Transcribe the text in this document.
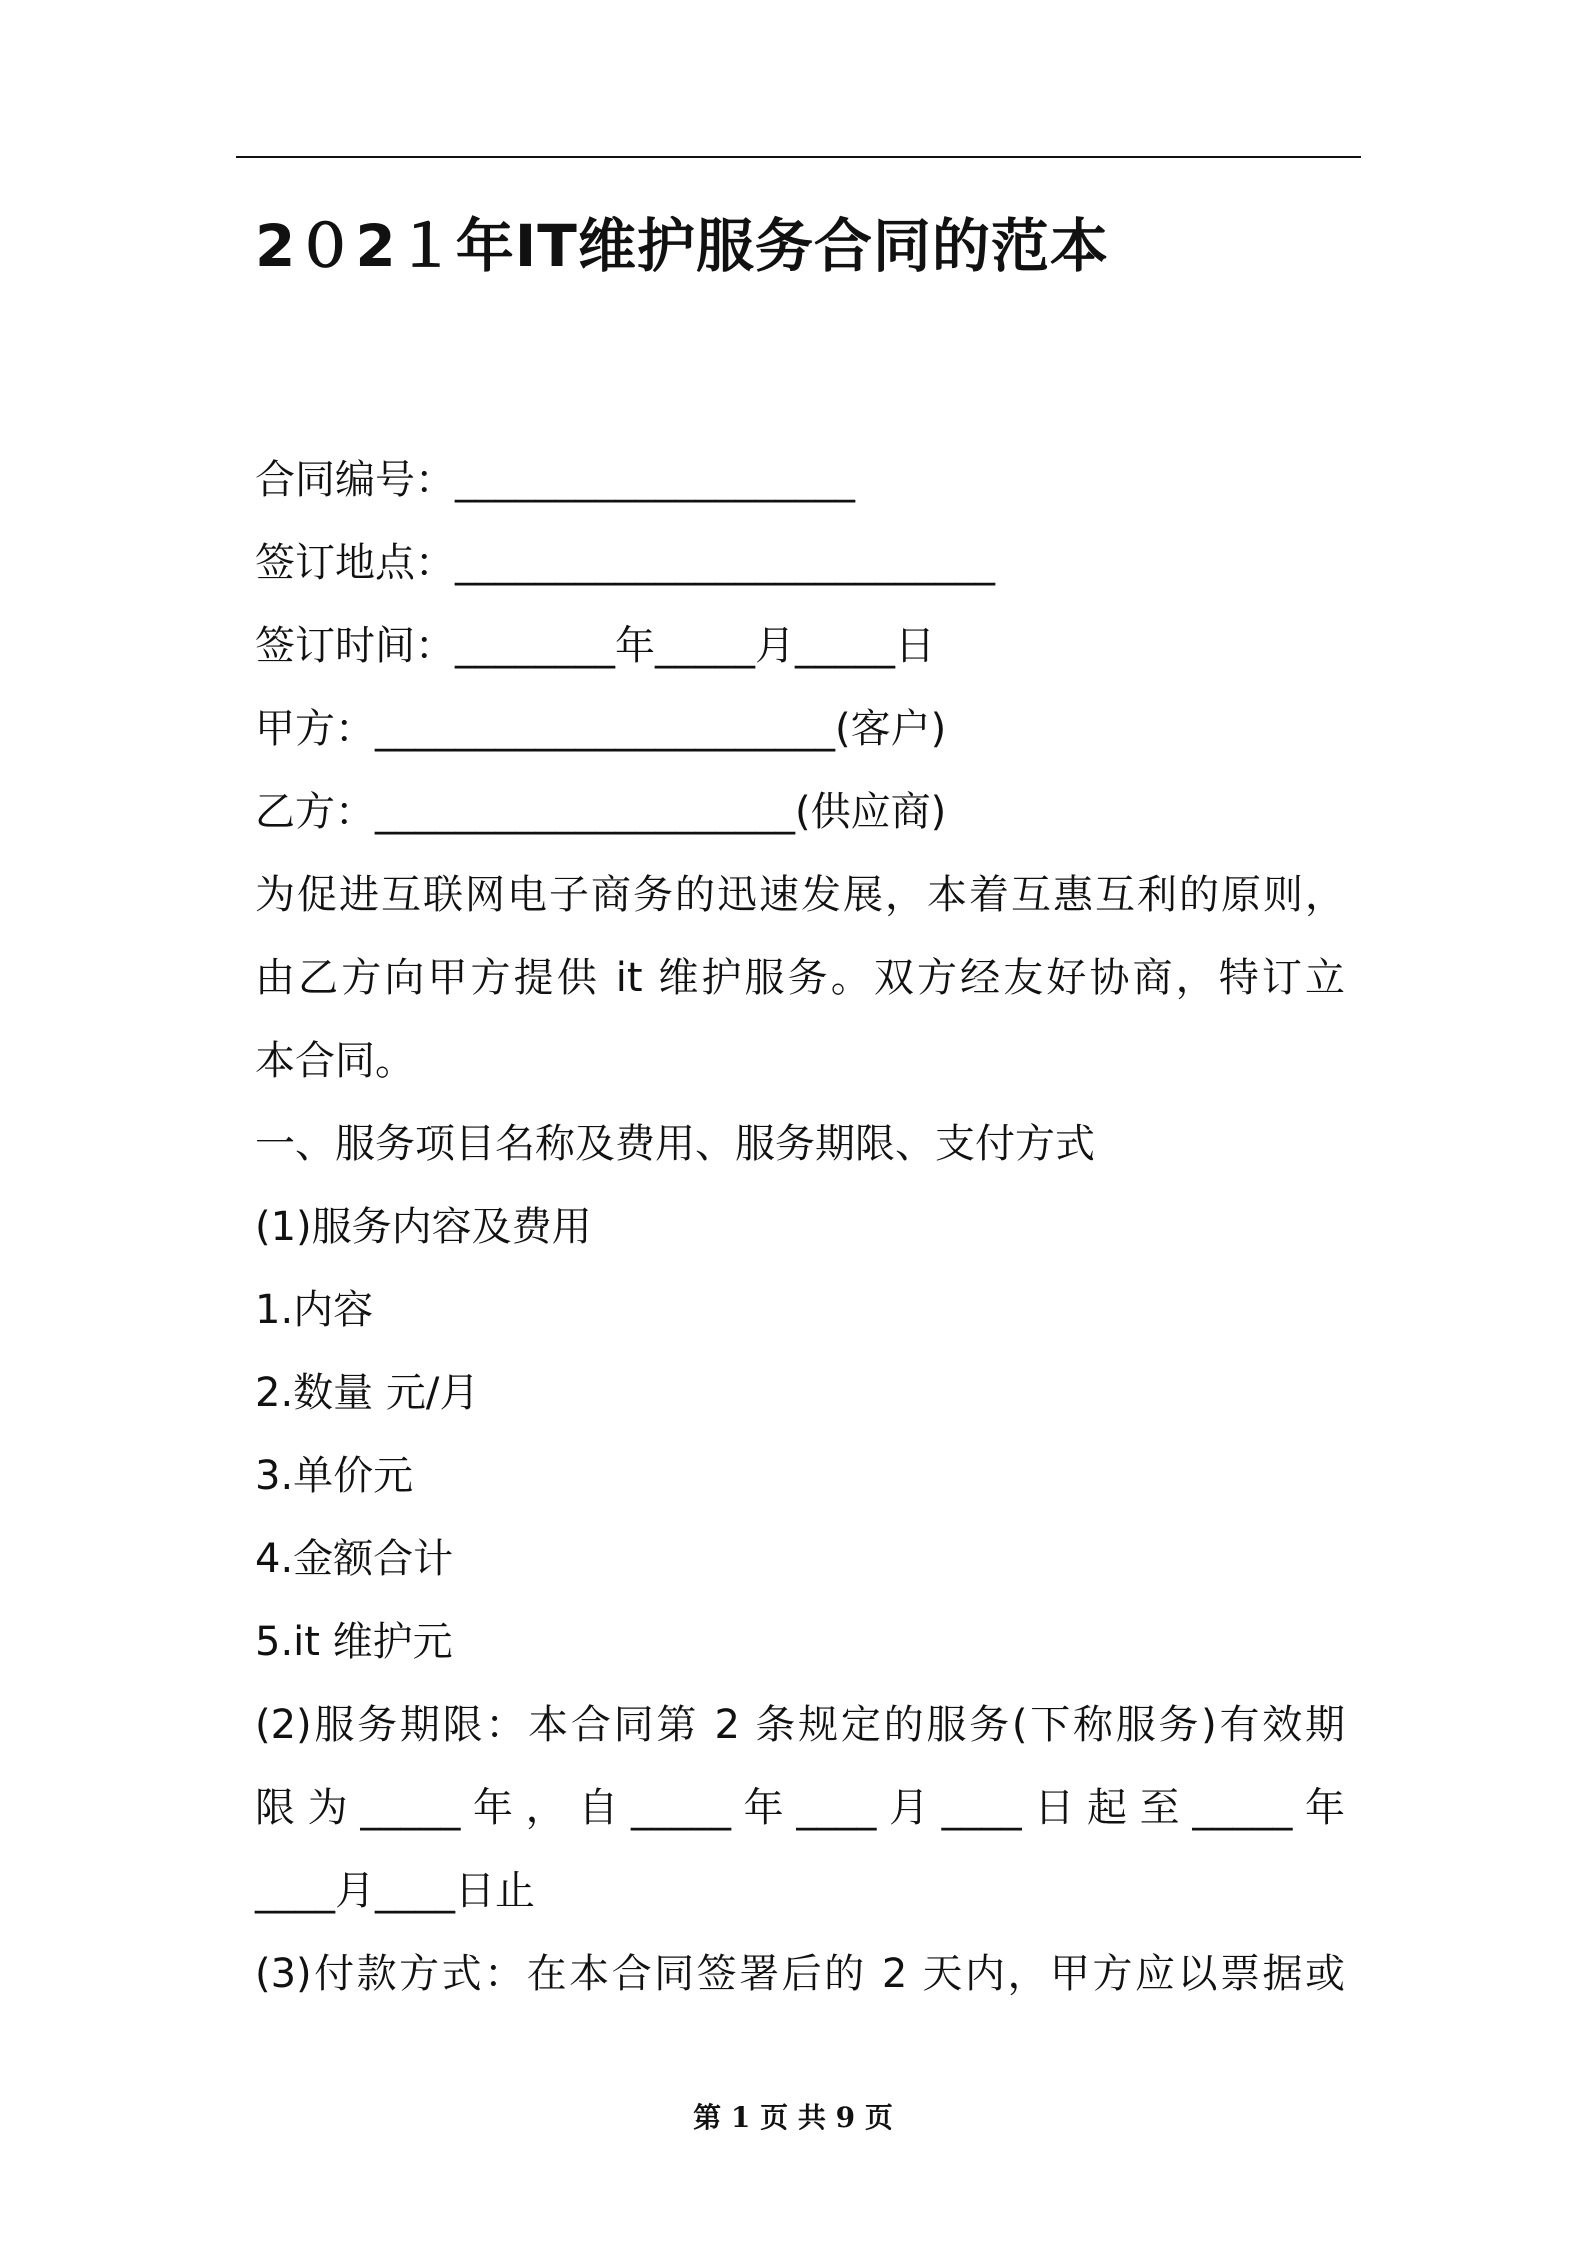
2０2１年IT维护服务合同的范本
合同编号：____________________
签订地点：___________________________
签订时间：________年_____月_____日
甲方：_______________________(客户)
乙方：_____________________(供应商)
为促进互联网电子商务的迅速发展，本着互惠互利的原则，
由乙方向甲方提供 it 维护服务。双方经友好协商，特订立
本合同。
一、服务项目名称及费用、服务期限、支付方式
(1)服务内容及费用
1.内容
2.数量 元/月
3.单价元
4.金额合计
5.it 维护元
(2)服务期限：本合同第 2 条规定的服务(下称服务)有效期
限为_____年，自_____年____月____日起至_____年
____月____日止
(3)付款方式：在本合同签署后的 2 天内，甲方应以票据或
第 1 页 共 9 页
